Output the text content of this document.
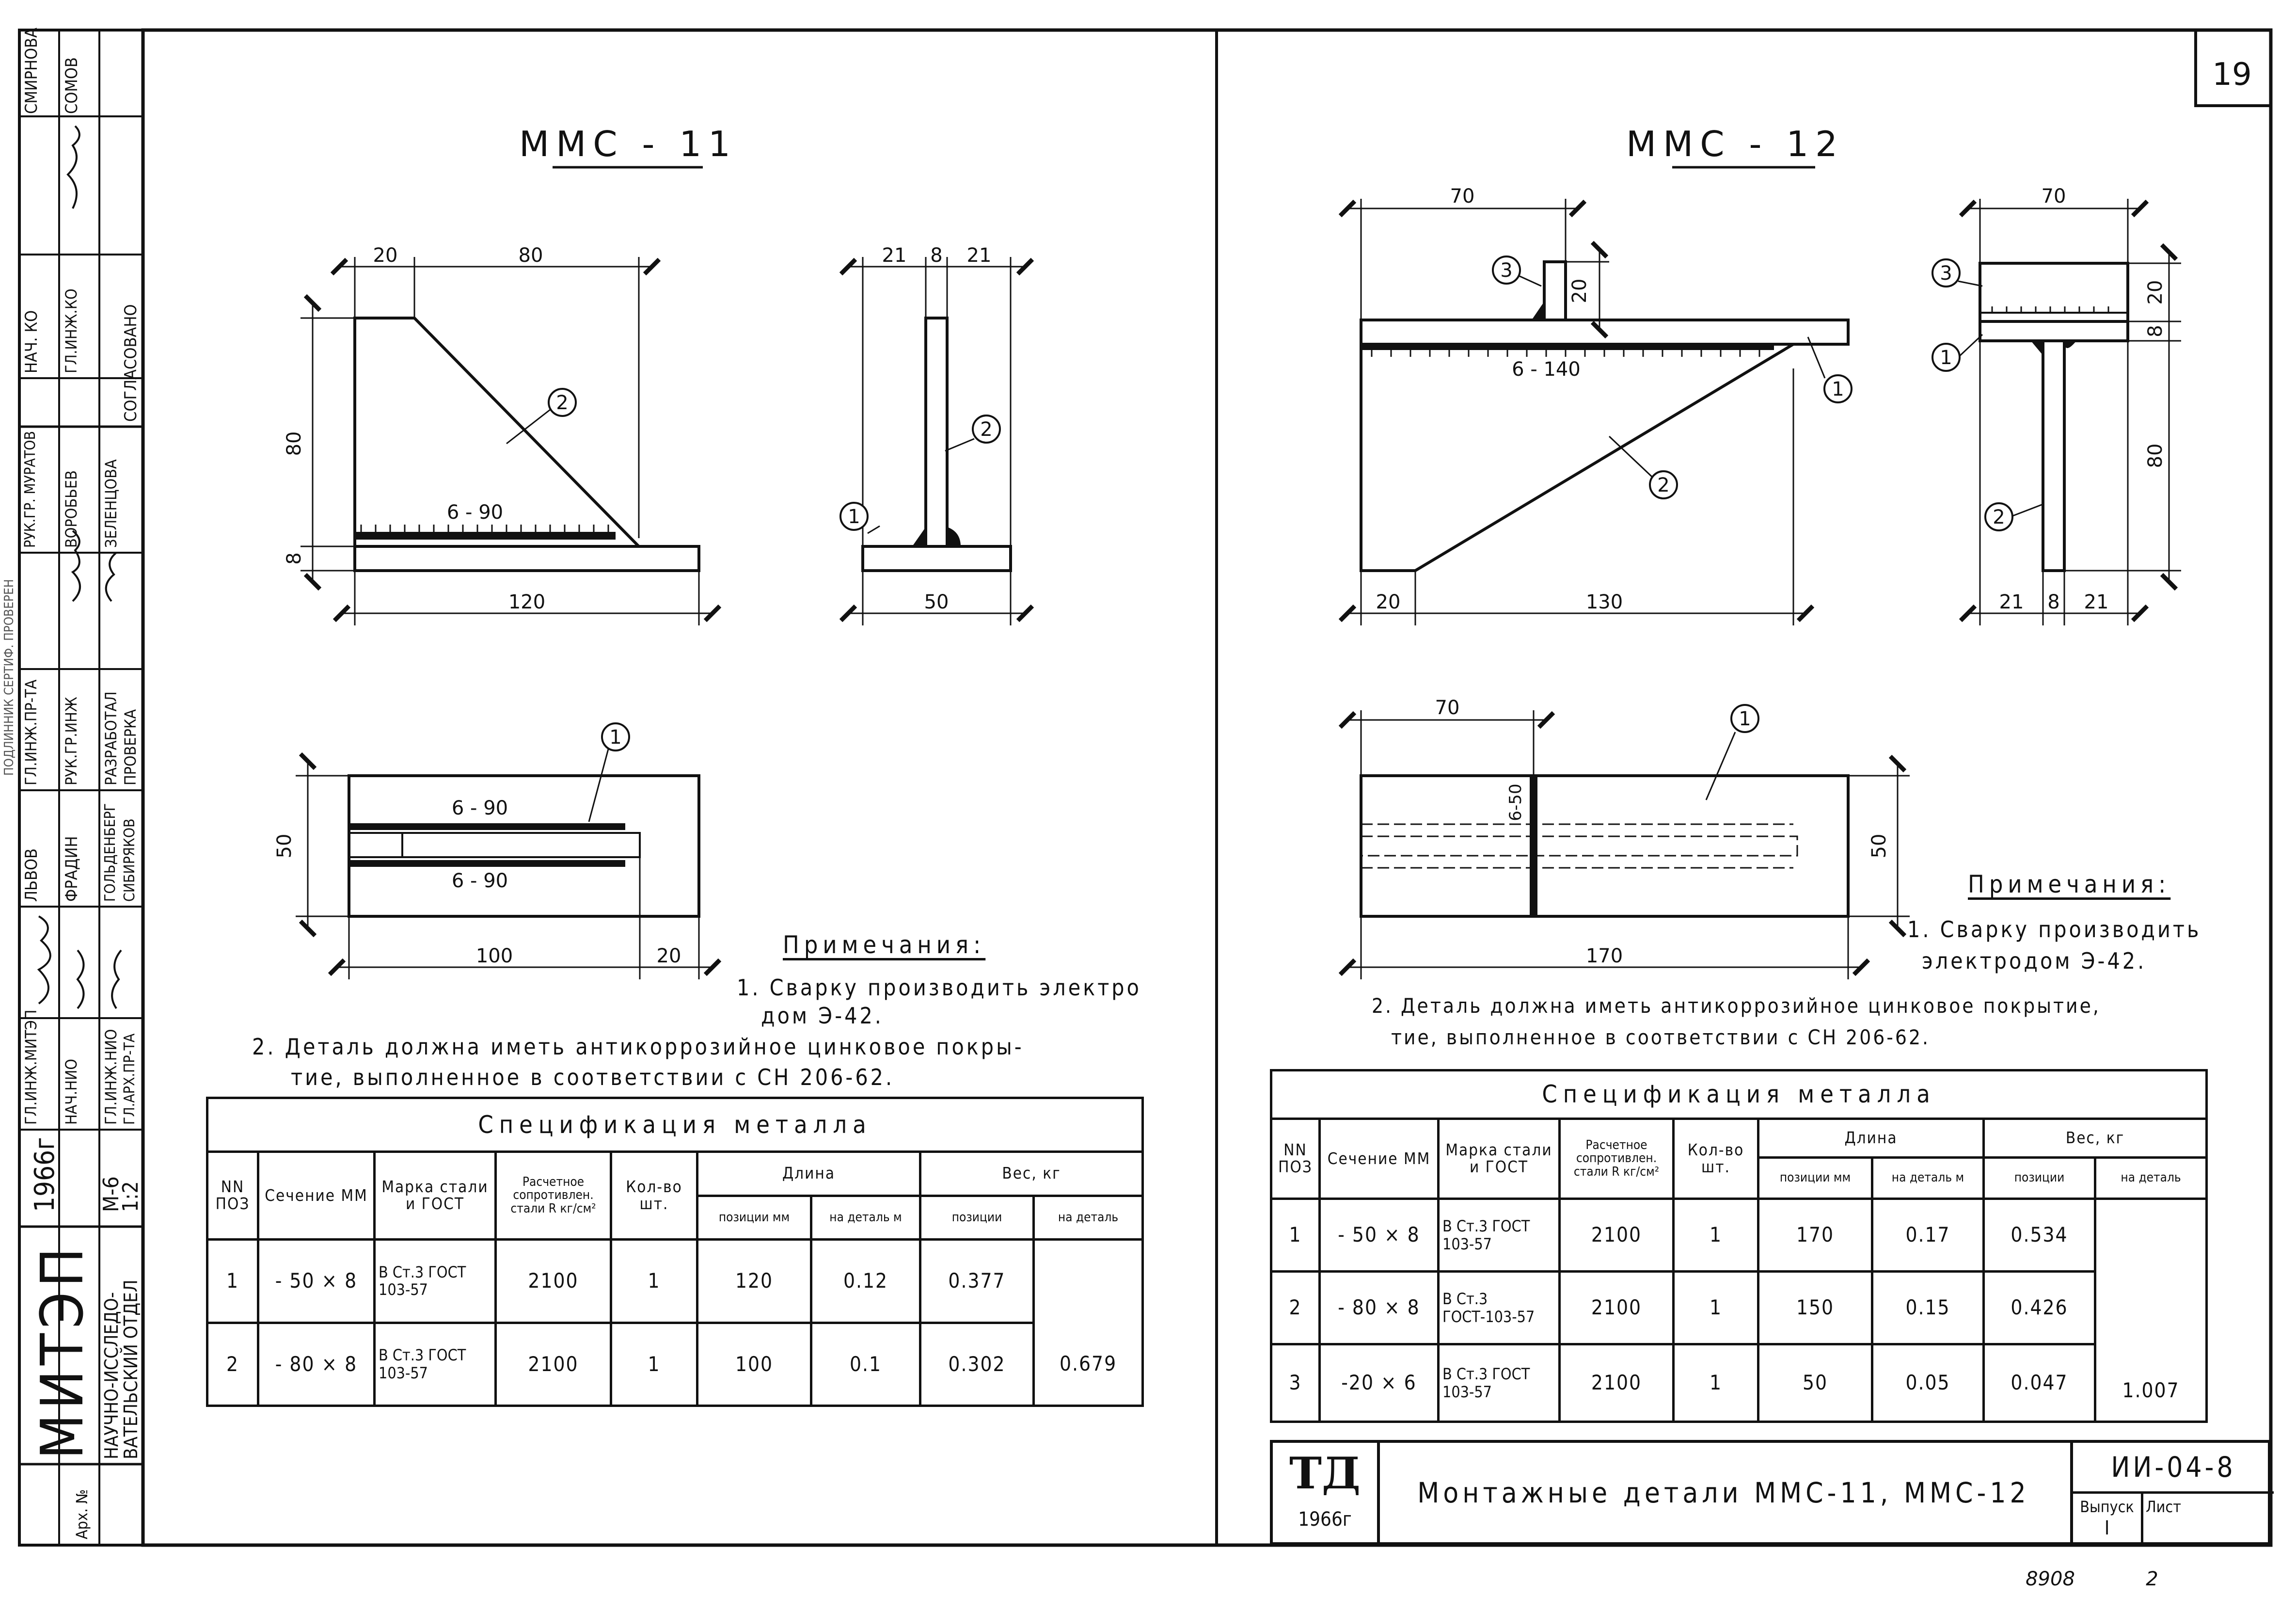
ММС - 11
20	80
80
8
120
6 - 90
2
21 8 21
50
2
1
6 - 90
6 - 90
50
100	20
1
ММС - 12
70
20
6 - 140
20	130
1
2
3
70
20
8
80
21 8 21
3
1
2
70
6-50
50
170
1
19
8908	2
МИТЭП НАУЧНО-ИССЛЕДО- ВАТЕЛЬСКИЙ ОТДЕЛ
1966г М-6 1:2
Арх. №
ГЛ.ИНЖ.МИТЭП НАЧ.НИО ГЛ.ИНЖ.НИО ГЛ.АРХ.ПР-ТА
ГЛ.ИНЖ.ПР-ТА РУК.ГР.ИНЖ РАЗРАБОТАЛ ПРОВЕРКА
ЛЬВОВ ФРАДИН ГОЛЬДЕНБЕРГ СИБИРЯКОВ
СОГЛАСОВАНО
РУК.ГР. МУРАТОВ ВОРОБЬЕВ ЗЕЛЕНЦОВА
НАЧ. КО ГЛ.ИНЖ.КО
СМИРНОВА СОМОВ
ПОДЛИННИК СЕРТИФ. ПРОВЕРЕН
Примечания:
1. Сварку производить электро
дом Э-42.
2. Деталь должна иметь антикоррозийное цинковое покры-
тие, выполненное в соответствии с СН 206-62.
Примечания:
1. Сварку производить
электродом Э-42.
2. Деталь должна иметь антикоррозийное цинковое покрытие,
тие, выполненное в соответствии с СН 206-62.
Спецификация металла								
NN ПОЗ	Сечение ММ	Марка стали и ГОСТ	Расчетное сопротивлен. стали R кг/см²	Кол-во шт.	Длина		Вес, кг	
					позиции мм	на деталь м	позиции	на деталь
1	- 50 × 8	В Ст.3 ГОСТ 103-57	2100	1	120	0.12	0.377	0.679
2	- 80 × 8	В Ст.3 ГОСТ 103-57	2100	1	100	0.1	0.302	
Спецификация металла								
NN ПОЗ	Сечение ММ	Марка стали и ГОСТ	Расчетное сопротивлен. стали R кг/см²	Кол-во шт.	Длина		Вес, кг	
					позиции мм	на деталь м	позиции	на деталь
1	- 50 × 8	В Ст.3 ГОСТ 103-57	2100	1	170	0.17	0.534	1.007
2	- 80 × 8	В Ст.3 ГОСТ-103-57	2100	1	150	0.15	0.426	
3	-20 × 6	В Ст.3 ГОСТ 103-57	2100	1	50	0.05	0.047	
ТД
1966г
Монтажные детали ММС-11, ММС-12
ИИ-04-8
Выпуск
I
Лист
